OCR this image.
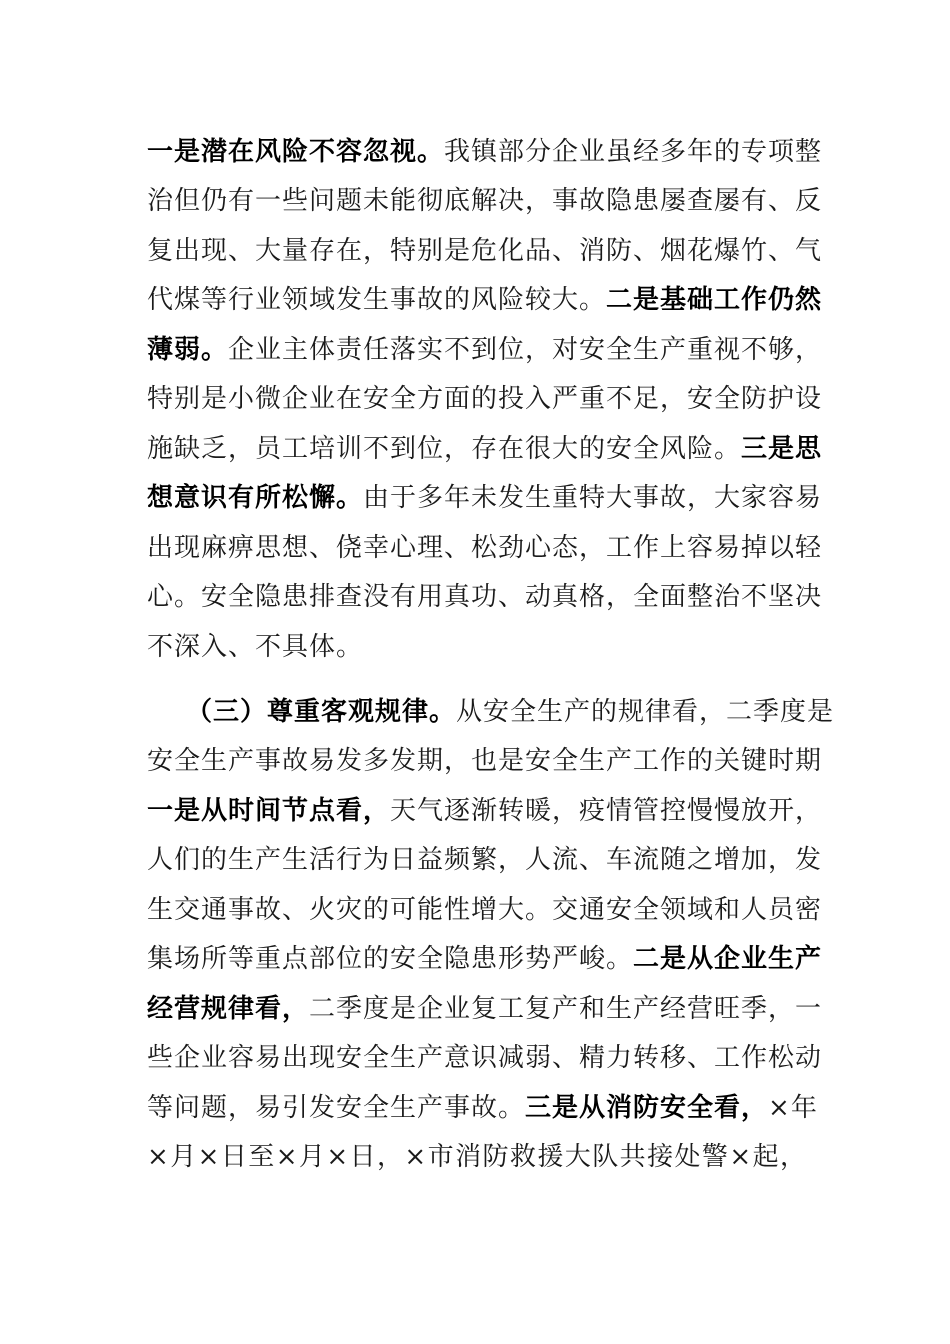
一是潜在风险不容忽视。我镇部分企业虽经多年的专项整
治但仍有一些问题未能彻底解决，事故隐患屡查屡有、反
复出现、大量存在，特别是危化品、消防、烟花爆竹、气
代煤等行业领域发生事故的风险较大。二是基础工作仍然
薄弱。企业主体责任落实不到位，对安全生产重视不够，
特别是小微企业在安全方面的投入严重不足，安全防护设
施缺乏，员工培训不到位，存在很大的安全风险。三是思
想意识有所松懈。由于多年未发生重特大事故，大家容易
出现麻痹思想、侥幸心理、松劲心态，工作上容易掉以轻
心。安全隐患排查没有用真功、动真格，全面整治不坚决
不深入、不具体。
（三）尊重客观规律。从安全生产的规律看，二季度是
安全生产事故易发多发期，也是安全生产工作的关键时期
一是从时间节点看，天气逐渐转暖，疫情管控慢慢放开，
人们的生产生活行为日益频繁，人流、车流随之增加，发
生交通事故、火灾的可能性增大。交通安全领域和人员密
集场所等重点部位的安全隐患形势严峻。二是从企业生产
经营规律看，二季度是企业复工复产和生产经营旺季，一
些企业容易出现安全生产意识减弱、精力转移、工作松动
等问题，易引发安全生产事故。三是从消防安全看，×年
×月×日至×月×日，×市消防救援大队共接处警×起，
